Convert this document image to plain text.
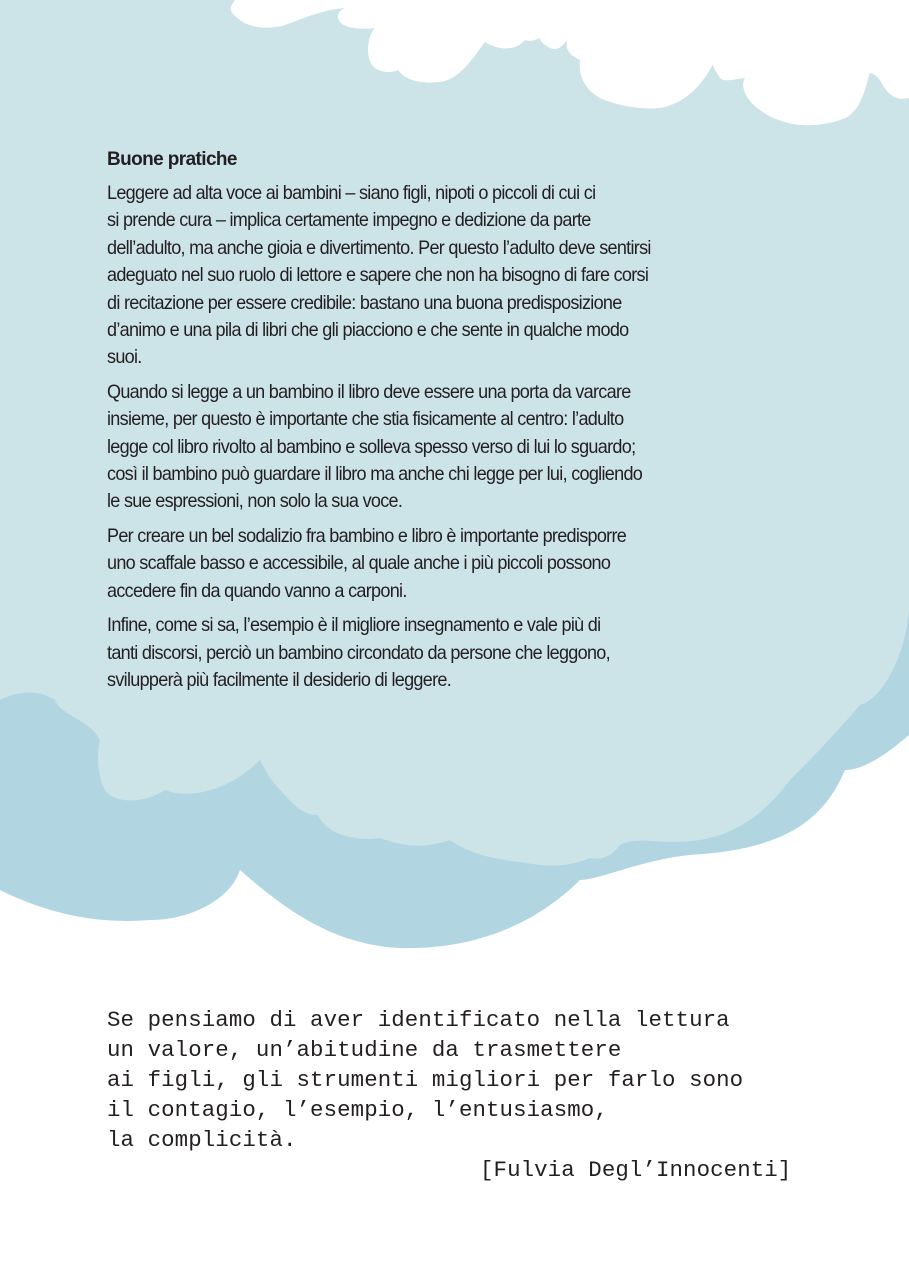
Buone pratiche

Leggere ad alta voce ai bambini – siano figli, nipoti o piccoli di cui ci
si prende cura – implica certamente impegno e dedizione da parte
dell’adulto, ma anche gioia e divertimento. Per questo l’adulto deve sentirsi
adeguato nel suo ruolo di lettore e sapere che non ha bisogno di fare corsi
di recitazione per essere credibile: bastano una buona predisposizione
d’animo e una pila di libri che gli piacciono e che sente in qualche modo
suoi.

Quando si legge a un bambino il libro deve essere una porta da varcare
insieme, per questo è importante che stia fisicamente al centro: l’adulto
legge col libro rivolto al bambino e solleva spesso verso di lui lo sguardo;
così il bambino può guardare il libro ma anche chi legge per lui, cogliendo
le sue espressioni, non solo la sua voce.

Per creare un bel sodalizio fra bambino e libro è importante predisporre
uno scaffale basso e accessibile, al quale anche i più piccoli possono
accedere fin da quando vanno a carponi.

Infine, come si sa, l’esempio è il migliore insegnamento e vale più di
tanti discorsi, perciò un bambino circondato da persone che leggono,
svilupperà più facilmente il desiderio di leggere.

Se pensiamo di aver identificato nella lettura
un valore, un’abitudine da trasmettere
ai figli, gli strumenti migliori per farlo sono
il contagio, l’esempio, l’entusiasmo,
la complicità.
[Fulvia Degl’Innocenti]
